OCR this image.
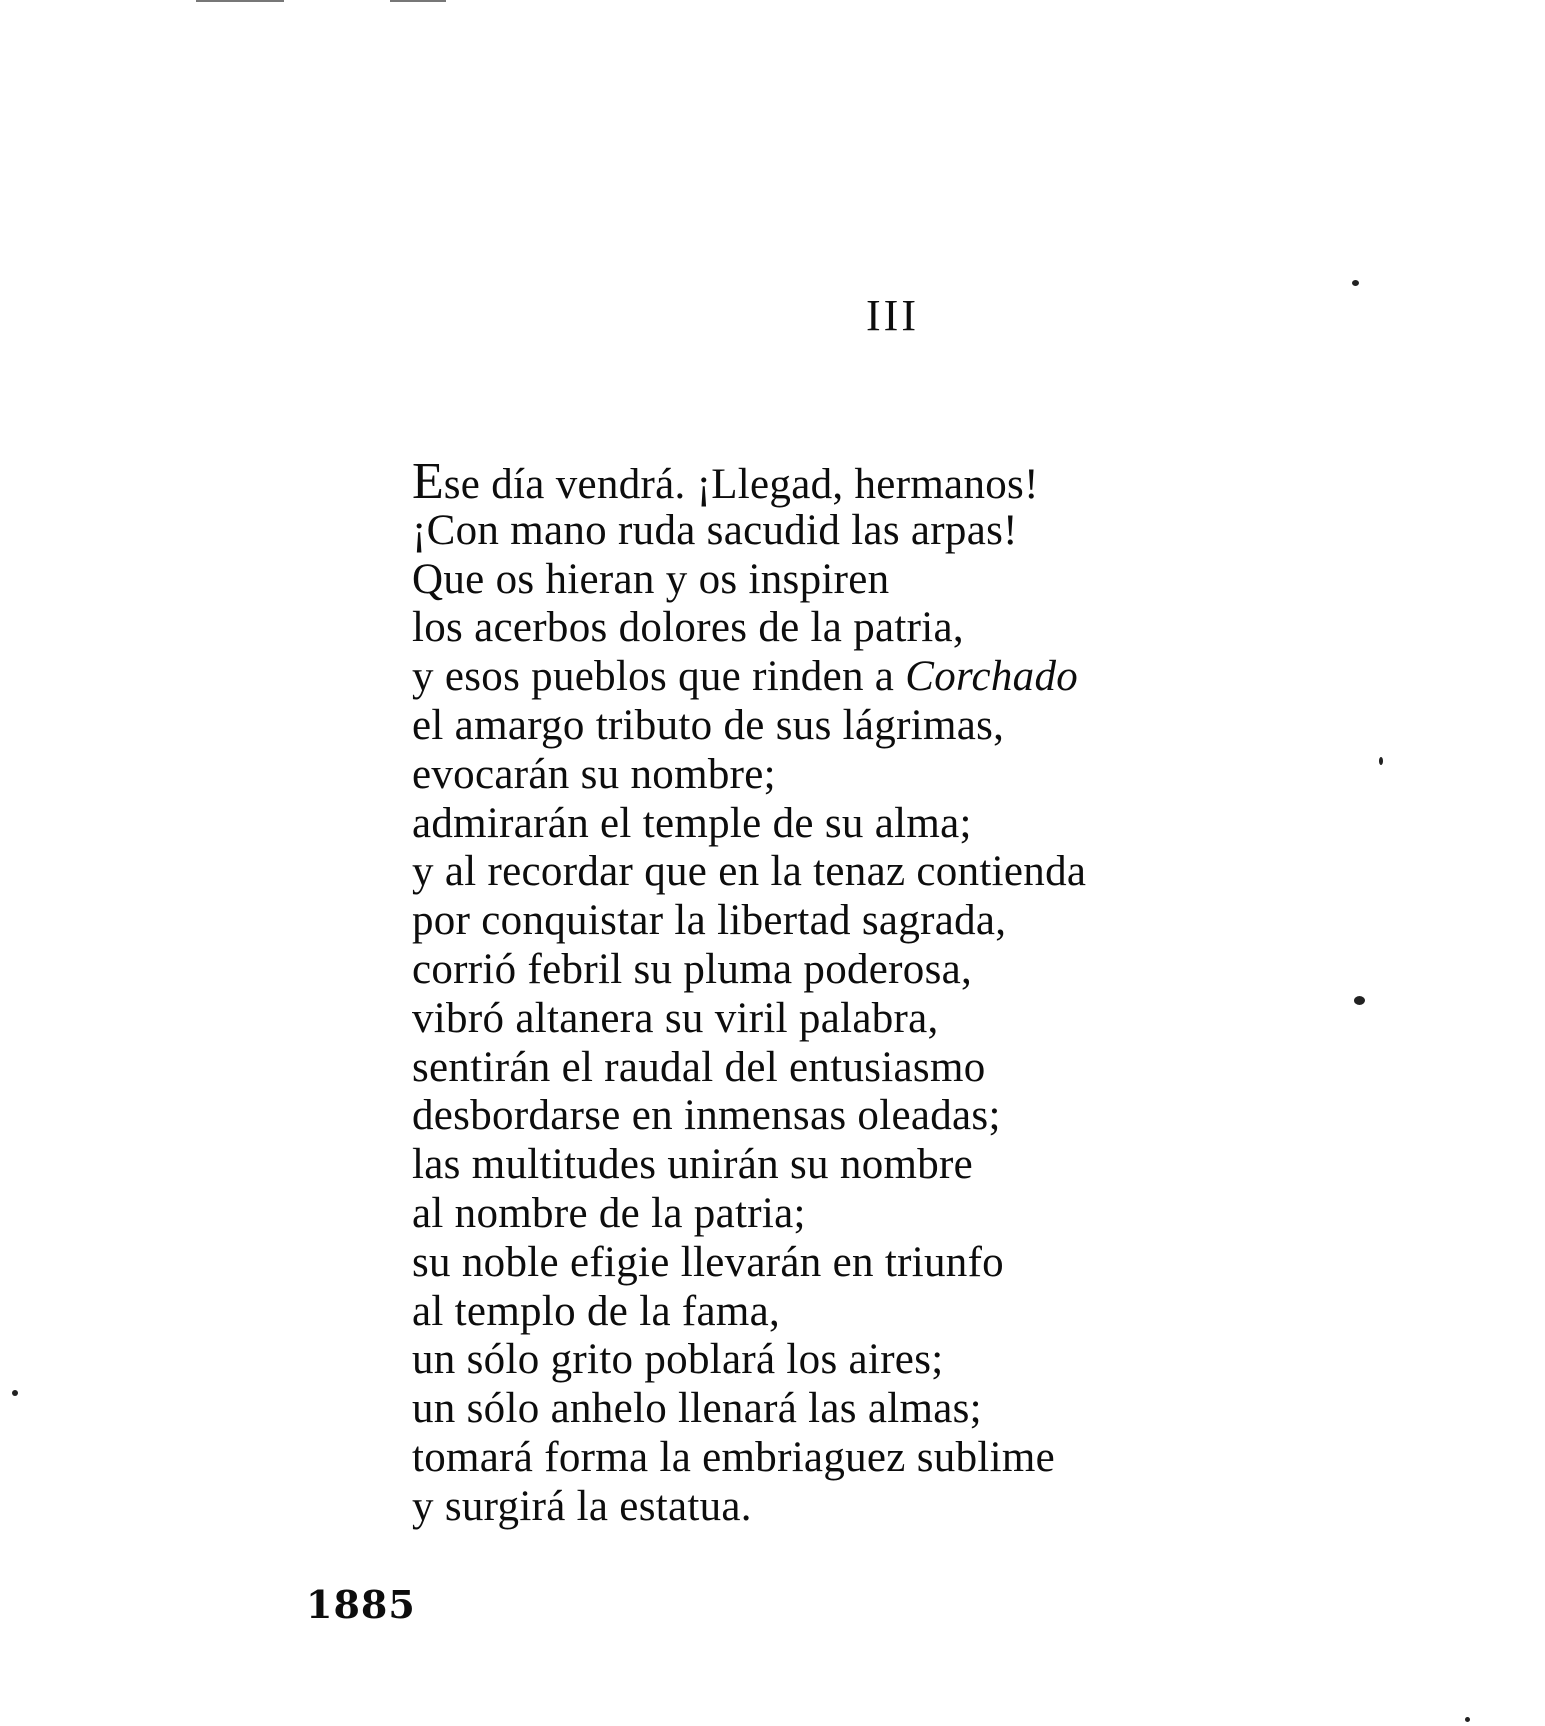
III
Ese día vendrá. ¡Llegad, hermanos!
¡Con mano ruda sacudid las arpas!
Que os hieran y os inspiren
los acerbos dolores de la patria,
y esos pueblos que rinden a Corchado
el amargo tributo de sus lágrimas,
evocarán su nombre;
admirarán el temple de su alma;
y al recordar que en la tenaz contienda
por conquistar la libertad sagrada,
corrió febril su pluma poderosa,
vibró altanera su viril palabra,
sentirán el raudal del entusiasmo
desbordarse en inmensas oleadas;
las multitudes unirán su nombre
al nombre de la patria;
su noble efigie llevarán en triunfo
al templo de la fama,
un sólo grito poblará los aires;
un sólo anhelo llenará las almas;
tomará forma la embriaguez sublime
y surgirá la estatua.
1885
